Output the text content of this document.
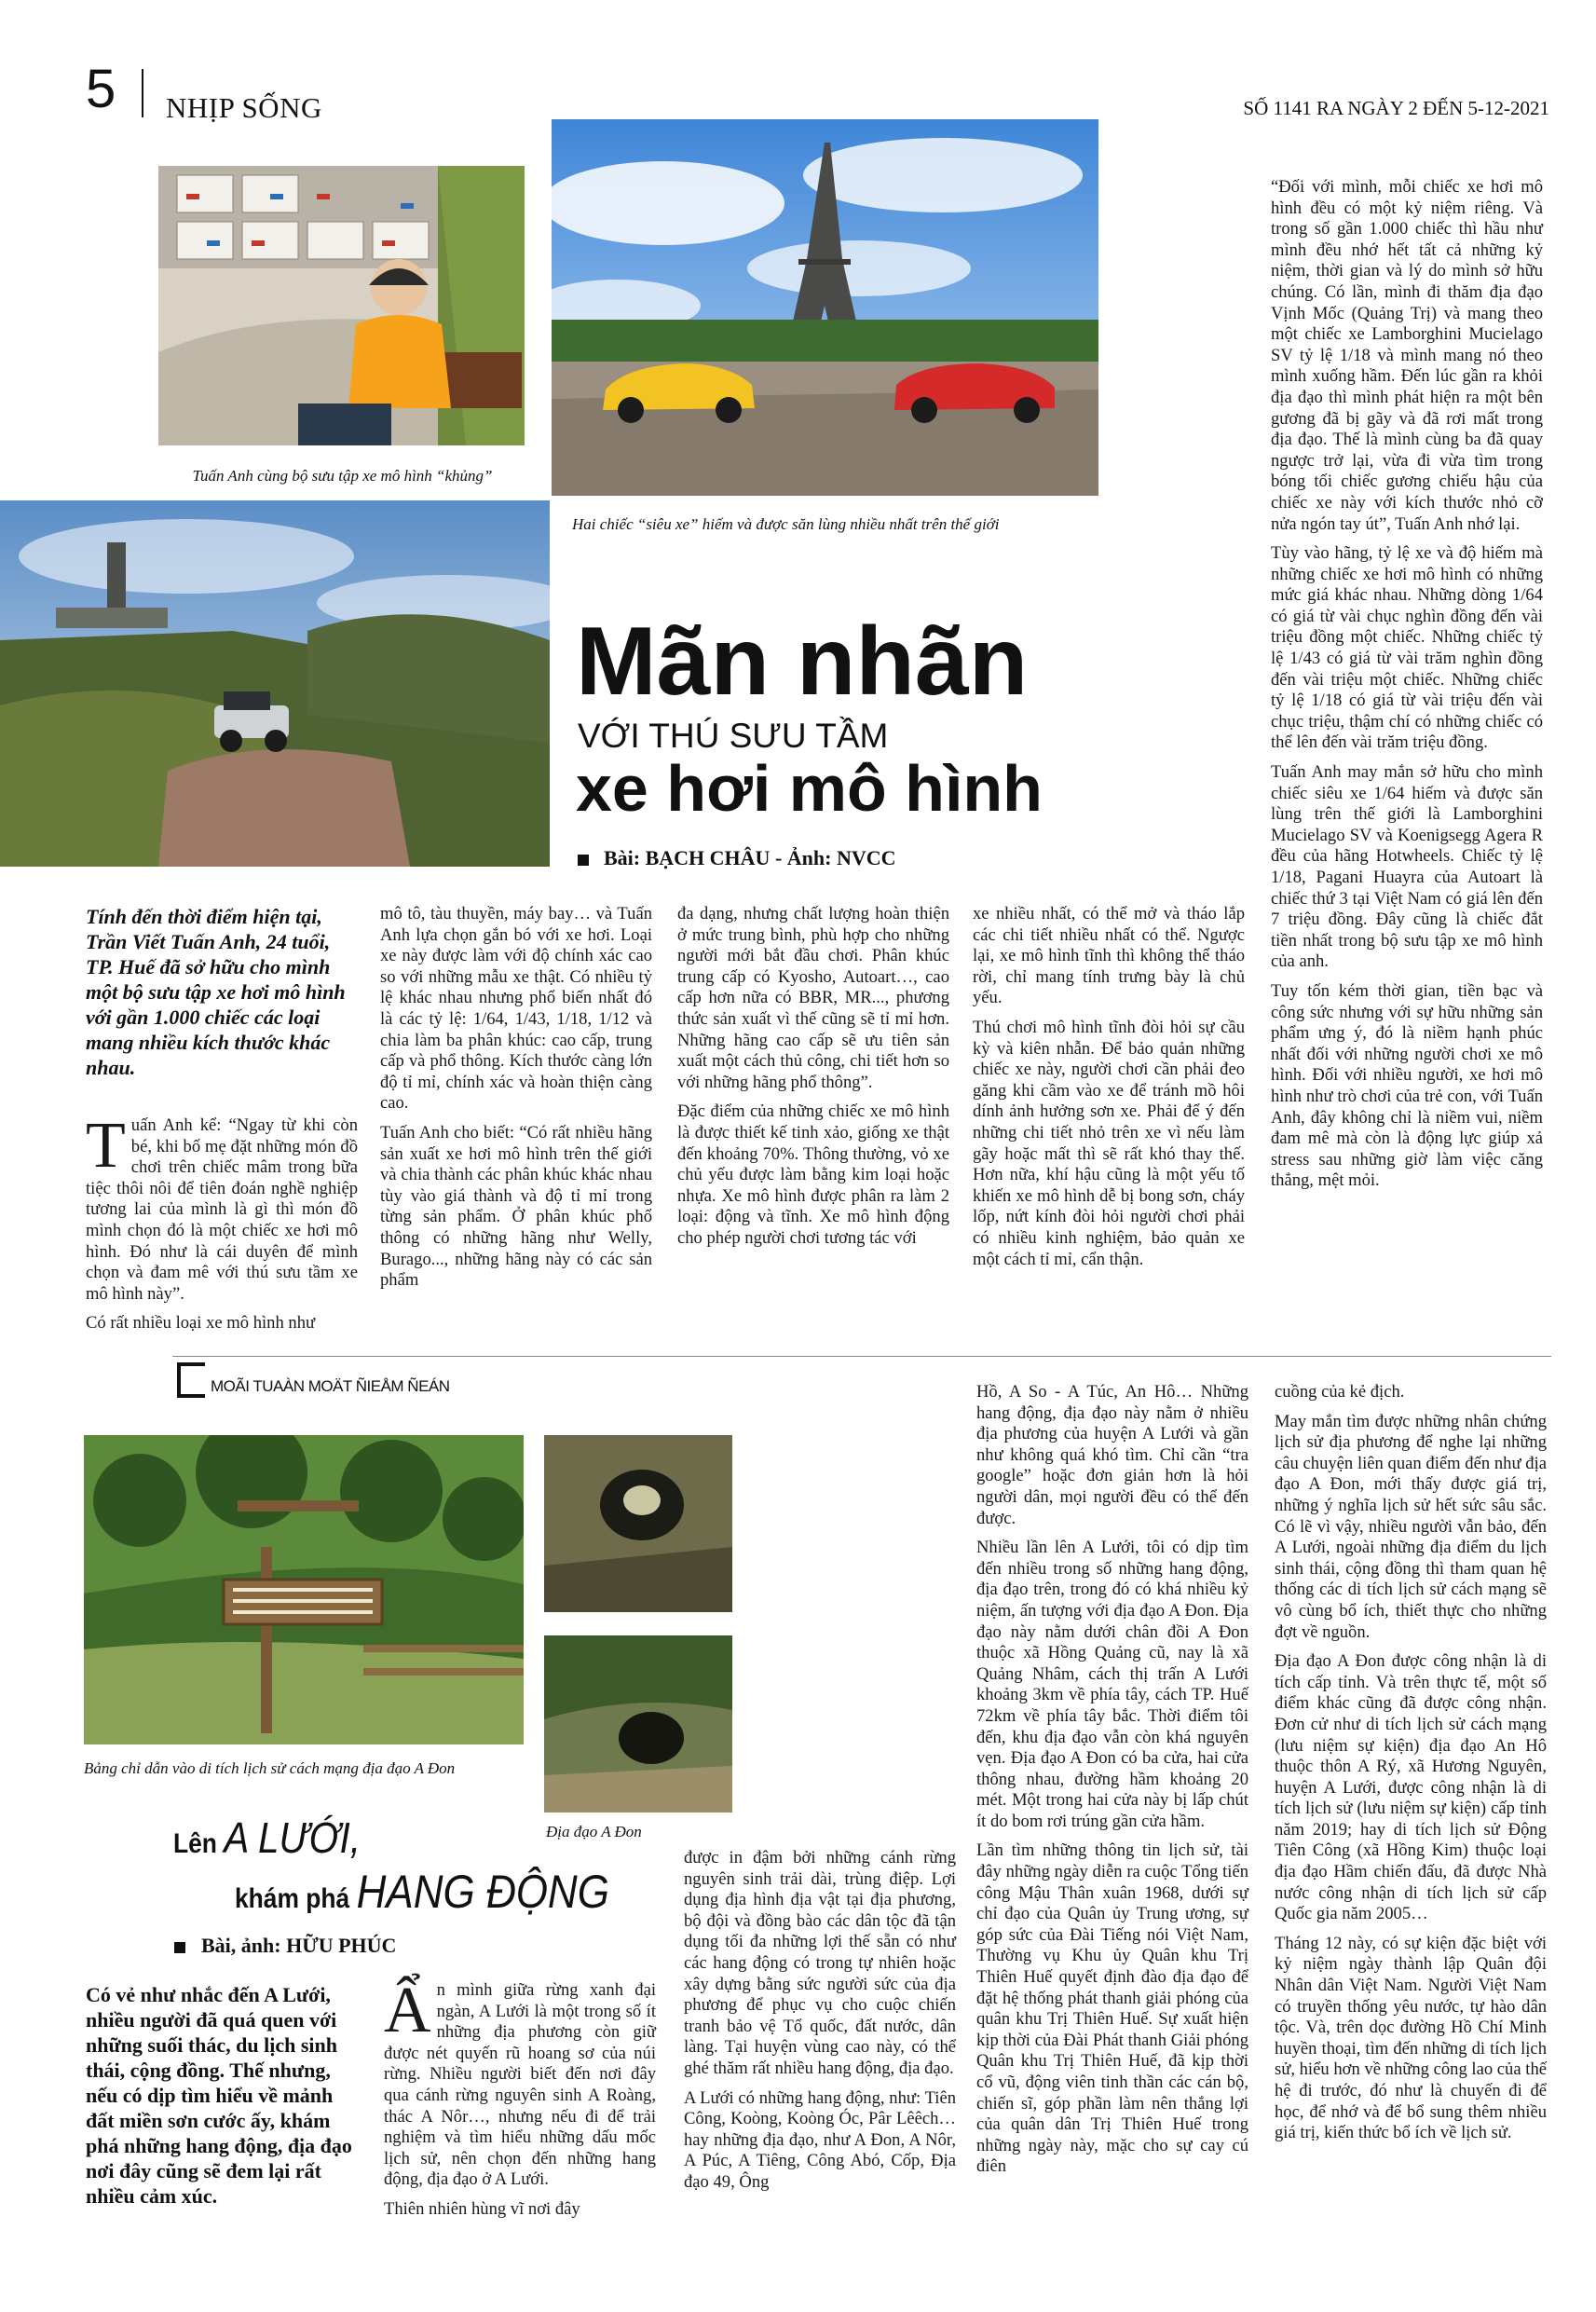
5 NHỊP SỐNG	SỐ 1141 RA NGÀY 2 ĐẾN 5-12-2021
Tuấn Anh cùng bộ sưu tập xe mô hình “khủng”
Hai chiếc “siêu xe” hiếm và được săn lùng nhiều nhất trên thế giới
Mãn nhãn
VỚI THÚ SƯU TẦM
xe hơi mô hình
Bài: BẠCH CHÂU - Ảnh: NVCC
Tính đến thời điểm hiện tại, Trần Viết Tuấn Anh, 24 tuổi, TP. Huế đã sở hữu cho mình một bộ sưu tập xe hơi mô hình với gần 1.000 chiếc các loại mang nhiều kích thước khác nhau.

Tuấn Anh kể: “Ngay từ khi còn bé, khi bố mẹ đặt những món đồ chơi trên chiếc mâm trong bữa tiệc thôi nôi để tiên đoán nghề nghiệp tương lai của mình là gì thì món đồ mình chọn đó là một chiếc xe hơi mô hình. Đó như là cái duyên để mình chọn và đam mê với thú sưu tầm xe mô hình này”.

Có rất nhiều loại xe mô hình như

mô tô, tàu thuyền, máy bay… và Tuấn Anh lựa chọn gắn bó với xe hơi. Loại xe này được làm với độ chính xác cao so với những mẫu xe thật. Có nhiều tỷ lệ khác nhau nhưng phổ biến nhất đó là các tỷ lệ: 1/64, 1/43, 1/18, 1/12 và chia làm ba phân khúc: cao cấp, trung cấp và phổ thông. Kích thước càng lớn độ tỉ mỉ, chính xác và hoàn thiện càng cao.

Tuấn Anh cho biết: “Có rất nhiều hãng sản xuất xe hơi mô hình trên thế giới và chia thành các phân khúc khác nhau tùy vào giá thành và độ tỉ mỉ trong từng sản phẩm. Ở phân khúc phổ thông có những hãng như Welly, Burago..., những hãng này có các sản phẩm

đa dạng, nhưng chất lượng hoàn thiện ở mức trung bình, phù hợp cho những người mới bắt đầu chơi. Phân khúc trung cấp có Kyosho, Autoart…, cao cấp hơn nữa có BBR, MR..., phương thức sản xuất vì thế cũng sẽ tỉ mỉ hơn. Những hãng cao cấp sẽ ưu tiên sản xuất một cách thủ công, chi tiết hơn so với những hãng phổ thông”.

Đặc điểm của những chiếc xe mô hình là được thiết kế tinh xảo, giống xe thật đến khoảng 70%. Thông thường, vỏ xe chủ yếu được làm bằng kim loại hoặc nhựa. Xe mô hình được phân ra làm 2 loại: động và tĩnh. Xe mô hình động cho phép người chơi tương tác với

xe nhiều nhất, có thể mở và tháo lắp các chi tiết nhiều nhất có thể. Ngược lại, xe mô hình tĩnh thì không thể tháo rời, chỉ mang tính trưng bày là chủ yếu.

Thú chơi mô hình tĩnh đòi hỏi sự cầu kỳ và kiên nhẫn. Để bảo quản những chiếc xe này, người chơi cần phải đeo găng khi cầm vào xe để tránh mồ hôi dính ảnh hưởng sơn xe. Phải để ý đến những chi tiết nhỏ trên xe vì nếu làm gãy hoặc mất thì sẽ rất khó thay thế. Hơn nữa, khí hậu cũng là một yếu tố khiến xe mô hình dễ bị bong sơn, cháy lốp, nứt kính đòi hỏi người chơi phải có nhiều kinh nghiệm, bảo quản xe một cách tỉ mỉ, cẩn thận.

“Đối với mình, mỗi chiếc xe hơi mô hình đều có một kỷ niệm riêng. Và trong số gần 1.000 chiếc thì hầu như mình đều nhớ hết tất cả những kỷ niệm, thời gian và lý do mình sở hữu chúng. Có lần, mình đi thăm địa đạo Vịnh Mốc (Quảng Trị) và mang theo một chiếc xe Lamborghini Mucielago SV tỷ lệ 1/18 và mình mang nó theo mình xuống hầm. Đến lúc gần ra khỏi địa đạo thì mình phát hiện ra một bên gương đã bị gãy và đã rơi mất trong địa đạo. Thế là mình cùng ba đã quay ngược trở lại, vừa đi vừa tìm trong bóng tối chiếc gương chiếu hậu của chiếc xe này với kích thước nhỏ cỡ nửa ngón tay út”, Tuấn Anh nhớ lại.

Tùy vào hãng, tỷ lệ xe và độ hiếm mà những chiếc xe hơi mô hình có những mức giá khác nhau. Những dòng 1/64 có giá từ vài chục nghìn đồng đến vài triệu đồng một chiếc. Những chiếc tỷ lệ 1/43 có giá từ vài trăm nghìn đồng đến vài triệu một chiếc. Những chiếc tỷ lệ 1/18 có giá từ vài triệu đến vài chục triệu, thậm chí có những chiếc có thể lên đến vài trăm triệu đồng.

Tuấn Anh may mắn sở hữu cho mình chiếc siêu xe 1/64 hiếm và được săn lùng trên thế giới là Lamborghini Mucielago SV và Koenigsegg Agera R đều của hãng Hotwheels. Chiếc tỷ lệ 1/18, Pagani Huayra của Autoart là chiếc thứ 3 tại Việt Nam có giá lên đến 7 triệu đồng. Đây cũng là chiếc đắt tiền nhất trong bộ sưu tập xe mô hình của anh.

Tuy tốn kém thời gian, tiền bạc và công sức nhưng với sự hữu những sản phẩm ưng ý, đó là niềm hạnh phúc nhất đối với những người chơi xe mô hình. Đối với nhiều người, xe hơi mô hình như trò chơi của trẻ con, với Tuấn Anh, đây không chỉ là niềm vui, niềm đam mê mà còn là động lực giúp xả stress sau những giờ làm việc căng thẳng, mệt mỏi.

MOÃI TUAÀN MOÄT ÑIEÅM ÑEÁN
Bảng chỉ dẫn vào di tích lịch sử cách mạng địa đạo A Đon
Địa đạo A Đon
Lên A LƯỚI,
khám phá HANG ĐỘNG
Bài, ảnh: HỮU PHÚC
Có vẻ như nhắc đến A Lưới, nhiều người đã quá quen với những suối thác, du lịch sinh thái, cộng đồng. Thế nhưng, nếu có dịp tìm hiểu về mảnh đất miền sơn cước ấy, khám phá những hang động, địa đạo nơi đây cũng sẽ đem lại rất nhiều cảm xúc.

Ẩn mình giữa rừng xanh đại ngàn, A Lưới là một trong số ít những địa phương còn giữ được nét quyến rũ hoang sơ của núi rừng. Nhiều người biết đến nơi đây qua cánh rừng nguyên sinh A Roàng, thác A Nôr…, nhưng nếu đi để trải nghiệm và tìm hiểu những dấu mốc lịch sử, nên chọn đến những hang động, địa đạo ở A Lưới.

Thiên nhiên hùng vĩ nơi đây

được in đậm bởi những cánh rừng nguyên sinh trải dài, trùng điệp. Lợi dụng địa hình địa vật tại địa phương, bộ đội và đồng bào các dân tộc đã tận dụng tối đa những lợi thế sẵn có như các hang động có trong tự nhiên hoặc xây dựng bằng sức người sức của địa phương để phục vụ cho cuộc chiến tranh bảo vệ Tổ quốc, đất nước, dân làng. Tại huyện vùng cao này, có thể ghé thăm rất nhiều hang động, địa đạo.

A Lưới có những hang động, như: Tiên Công, Koòng, Koòng Óc, Pâr Lêêch… hay những địa đạo, như A Đon, A Nôr, A Púc, A Tiêng, Công Abó, Cốp, Địa đạo 49, Ông

Hồ, A So - A Túc, An Hô… Những hang động, địa đạo này nằm ở nhiều địa phương của huyện A Lưới và gần như không quá khó tìm. Chỉ cần “tra google” hoặc đơn giản hơn là hỏi người dân, mọi người đều có thể đến được.

Nhiều lần lên A Lưới, tôi có dịp tìm đến nhiều trong số những hang động, địa đạo trên, trong đó có khá nhiều kỷ niệm, ấn tượng với địa đạo A Đon. Địa đạo này nằm dưới chân đồi A Đon thuộc xã Hồng Quảng cũ, nay là xã Quảng Nhâm, cách thị trấn A Lưới khoảng 3km về phía tây, cách TP. Huế 72km về phía tây bắc. Thời điểm tôi đến, khu địa đạo vẫn còn khá nguyên vẹn. Địa đạo A Đon có ba cửa, hai cửa thông nhau, đường hầm khoảng 20 mét. Một trong hai cửa này bị lấp chút ít do bom rơi trúng gần cửa hầm.

Lần tìm những thông tin lịch sử, tài đây những ngày diễn ra cuộc Tổng tiến công Mậu Thân xuân 1968, dưới sự chỉ đạo của Quân ủy Trung ương, sự góp sức của Đài Tiếng nói Việt Nam, Thường vụ Khu ủy Quân khu Trị Thiên Huế quyết định đào địa đạo để đặt hệ thống phát thanh giải phóng của quân khu Trị Thiên Huế. Sự xuất hiện kịp thời của Đài Phát thanh Giải phóng Quân khu Trị Thiên Huế, đã kịp thời cổ vũ, động viên tinh thần các cán bộ, chiến sĩ, góp phần làm nên thắng lợi của quân dân Trị Thiên Huế trong những ngày này, mặc cho sự cay cú điên

cuồng của kẻ địch.

May mắn tìm được những nhân chứng lịch sử địa phương để nghe lại những câu chuyện liên quan điểm đến như địa đạo A Đon, mới thấy được giá trị, những ý nghĩa lịch sử hết sức sâu sắc. Có lẽ vì vậy, nhiều người vẫn bảo, đến A Lưới, ngoài những địa điểm du lịch sinh thái, cộng đồng thì tham quan hệ thống các di tích lịch sử cách mạng sẽ vô cùng bổ ích, thiết thực cho những đợt về nguồn.

Địa đạo A Đon được công nhận là di tích cấp tỉnh. Và trên thực tế, một số điểm khác cũng đã được công nhận. Đơn cử như di tích lịch sử cách mạng (lưu niệm sự kiện) địa đạo An Hô thuộc thôn A Rý, xã Hương Nguyên, huyện A Lưới, được công nhận là di tích lịch sử (lưu niệm sự kiện) cấp tỉnh năm 2019; hay di tích lịch sử Động Tiên Công (xã Hồng Kim) thuộc loại địa đạo Hầm chiến đấu, đã được Nhà nước công nhận di tích lịch sử cấp Quốc gia năm 2005…

Tháng 12 này, có sự kiện đặc biệt với kỷ niệm ngày thành lập Quân đội Nhân dân Việt Nam. Người Việt Nam có truyền thống yêu nước, tự hào dân tộc. Và, trên dọc đường Hồ Chí Minh huyền thoại, tìm đến những di tích lịch sử, hiểu hơn về những công lao của thế hệ đi trước, đó như là chuyến đi để học, để nhớ và để bổ sung thêm nhiều giá trị, kiến thức bổ ích về lịch sử.
